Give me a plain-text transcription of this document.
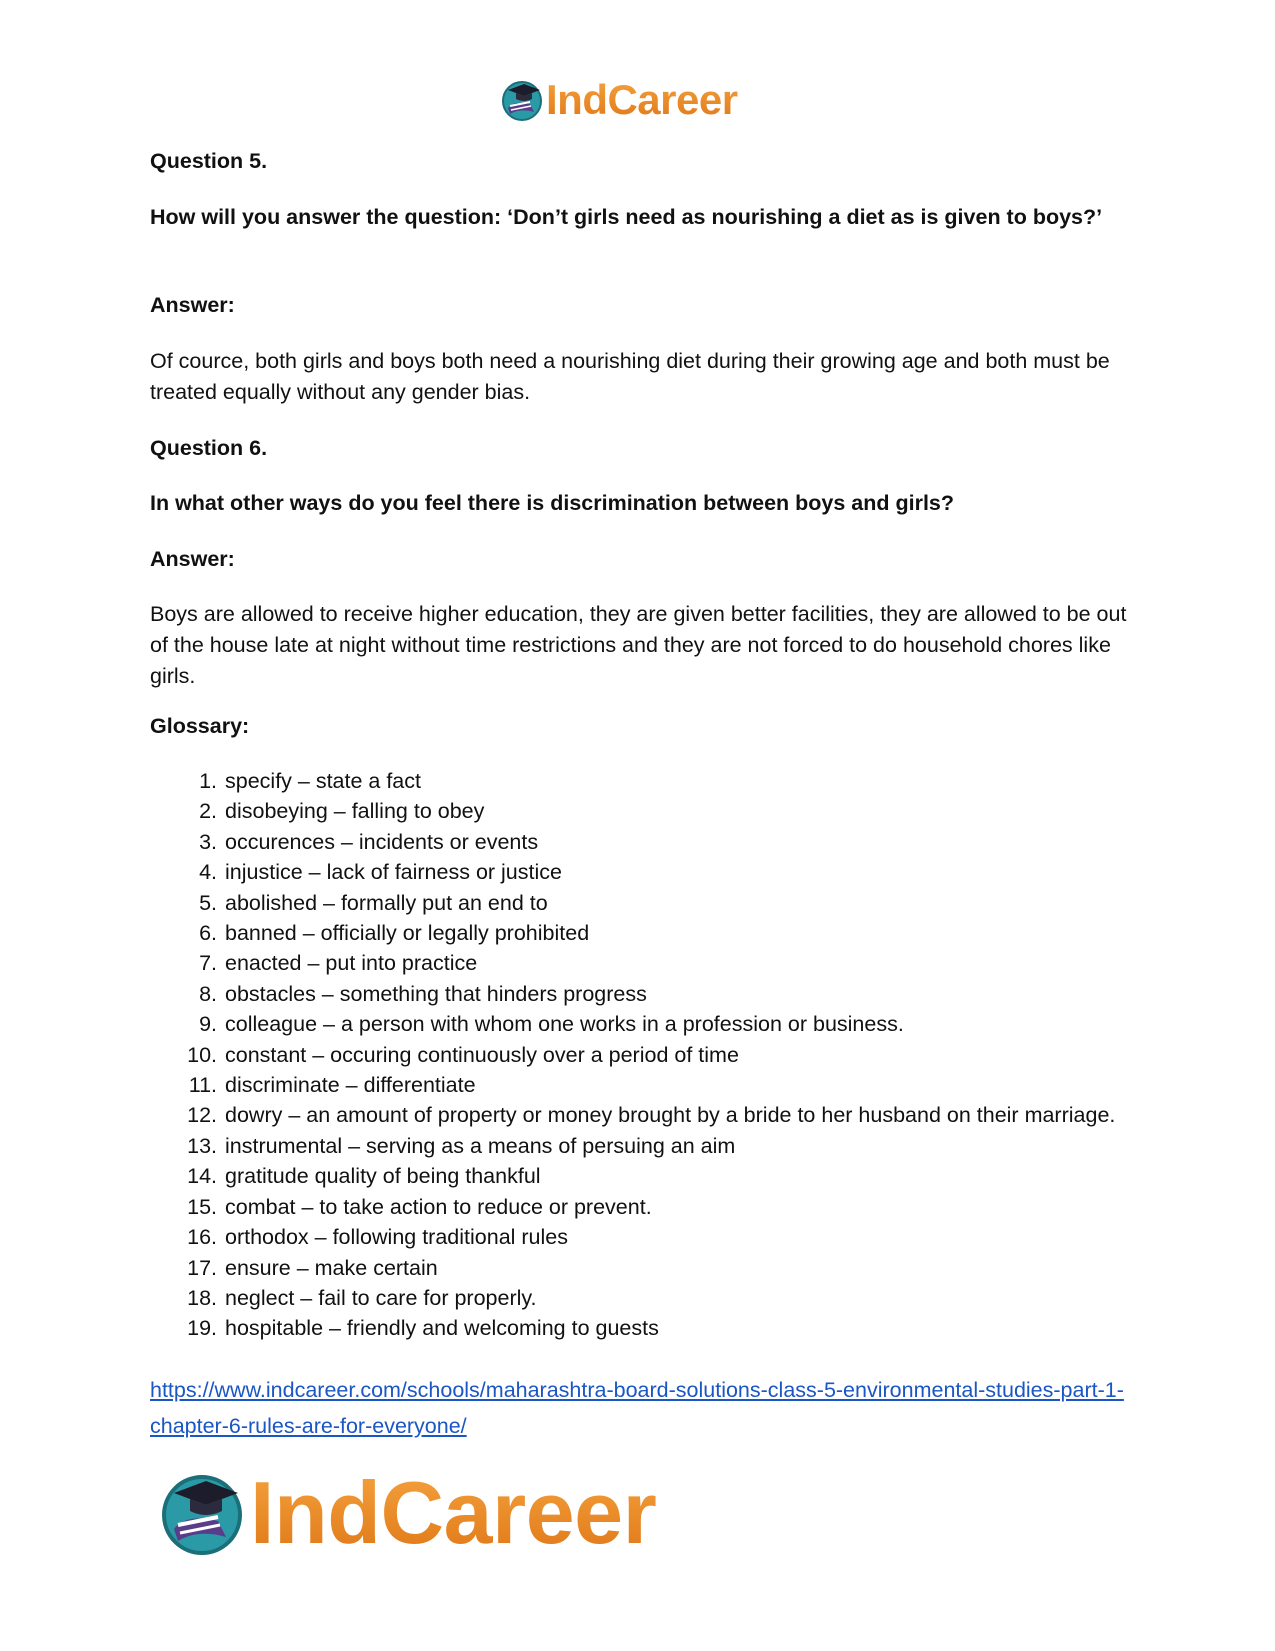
IndCareer

Question 5.

How will you answer the question: ‘Don’t girls need as nourishing a diet as is given to boys?’

Answer:

Of cource, both girls and boys both need a nourishing diet during their growing age and both must be treated equally without any gender bias.

Question 6.

In what other ways do you feel there is discrimination between boys and girls?

Answer:

Boys are allowed to receive higher education, they are given better facilities, they are allowed to be out of the house late at night without time restrictions and they are not forced to do household chores like girls.

Glossary:

1. specify – state a fact
2. disobeying – falling to obey
3. occurences – incidents or events
4. injustice – lack of fairness or justice
5. abolished – formally put an end to
6. banned – officially or legally prohibited
7. enacted – put into practice
8. obstacles – something that hinders progress
9. colleague – a person with whom one works in a profession or business.
10. constant – occuring continuously over a period of time
11. discriminate – differentiate
12. dowry – an amount of property or money brought by a bride to her husband on their marriage.
13. instrumental – serving as a means of persuing an aim
14. gratitude quality of being thankful
15. combat – to take action to reduce or prevent.
16. orthodox – following traditional rules
17. ensure – make certain
18. neglect – fail to care for properly.
19. hospitable – friendly and welcoming to guests
https://www.indcareer.com/schools/maharashtra-board-solutions-class-5-environmental-studies-part-1-chapter-6-rules-are-for-everyone/
IndCareer
